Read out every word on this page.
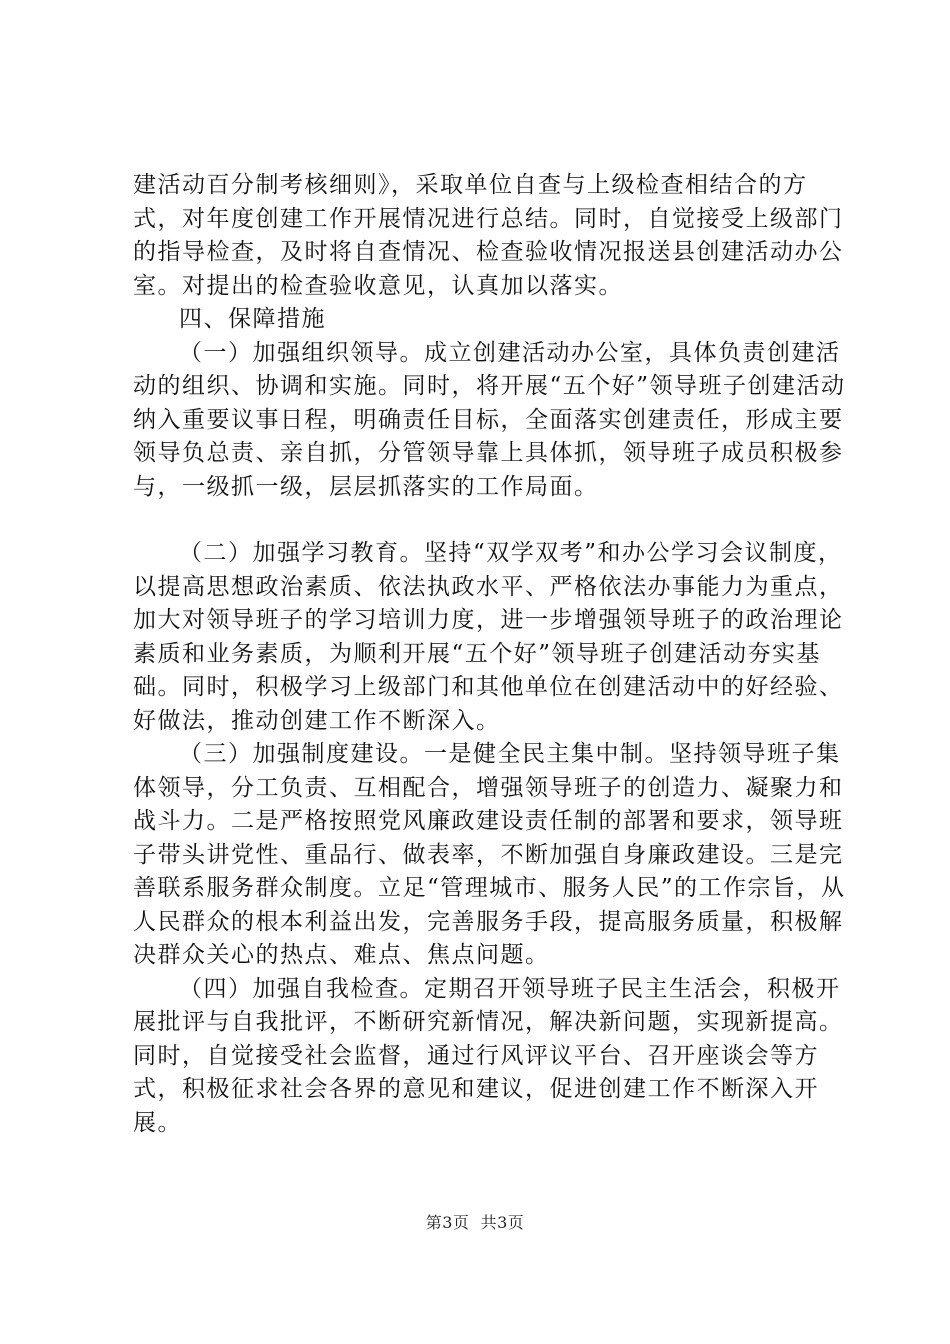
建活动百分制考核细则》，采取单位自查与上级检查相结合的方式，对年度创建工作开展情况进行总结。同时，自觉接受上级部门的指导检查，及时将自查情况、检查验收情况报送县创建活动办公室。对提出的检查验收意见，认真加以落实。

四、保障措施

（一）加强组织领导。成立创建活动办公室，具体负责创建活动的组织、协调和实施。同时，将开展“五个好”领导班子创建活动纳入重要议事日程，明确责任目标，全面落实创建责任，形成主要领导负总责、亲自抓，分管领导靠上具体抓，领导班子成员积极参与，一级抓一级，层层抓落实的工作局面。

（二）加强学习教育。坚持“双学双考”和办公学习会议制度，以提高思想政治素质、依法执政水平、严格依法办事能力为重点，加大对领导班子的学习培训力度，进一步增强领导班子的政治理论素质和业务素质，为顺利开展“五个好”领导班子创建活动夯实基础。同时，积极学习上级部门和其他单位在创建活动中的好经验、好做法，推动创建工作不断深入。

（三）加强制度建设。一是健全民主集中制。坚持领导班子集体领导，分工负责、互相配合，增强领导班子的创造力、凝聚力和战斗力。二是严格按照党风廉政建设责任制的部署和要求，领导班子带头讲党性、重品行、做表率，不断加强自身廉政建设。三是完善联系服务群众制度。立足“管理城市、服务人民”的工作宗旨，从人民群众的根本利益出发，完善服务手段，提高服务质量，积极解决群众关心的热点、难点、焦点问题。

（四）加强自我检查。定期召开领导班子民主生活会，积极开展批评与自我批评，不断研究新情况，解决新问题，实现新提高。同时，自觉接受社会监督，通过行风评议平台、召开座谈会等方式，积极征求社会各界的意见和建议，促进创建工作不断深入开展。

第3页  共3页
